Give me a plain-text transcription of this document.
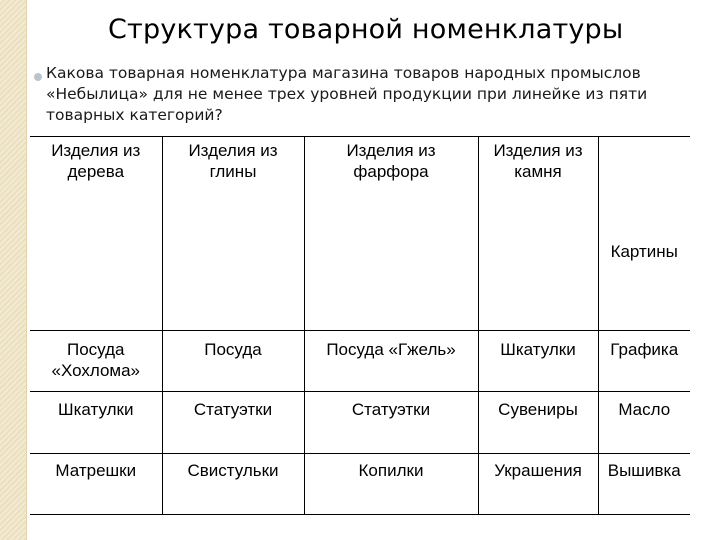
Структура товарной номенклатуры
Какова товарная номенклатура магазина товаров народных промыслов «Небылица» для не менее трех уровней продукции при линейке из пяти товарных категорий?
Изделия из дерева	Изделия из глины	Изделия из фарфора	Изделия из камня	Картины
Посуда «Хохлома»	Посуда	Посуда «Гжель»	Шкатулки	Графика
Шкатулки	Статуэтки	Статуэтки	Сувениры	Масло
Матрешки	Свистульки	Копилки	Украшения	Вышивка
